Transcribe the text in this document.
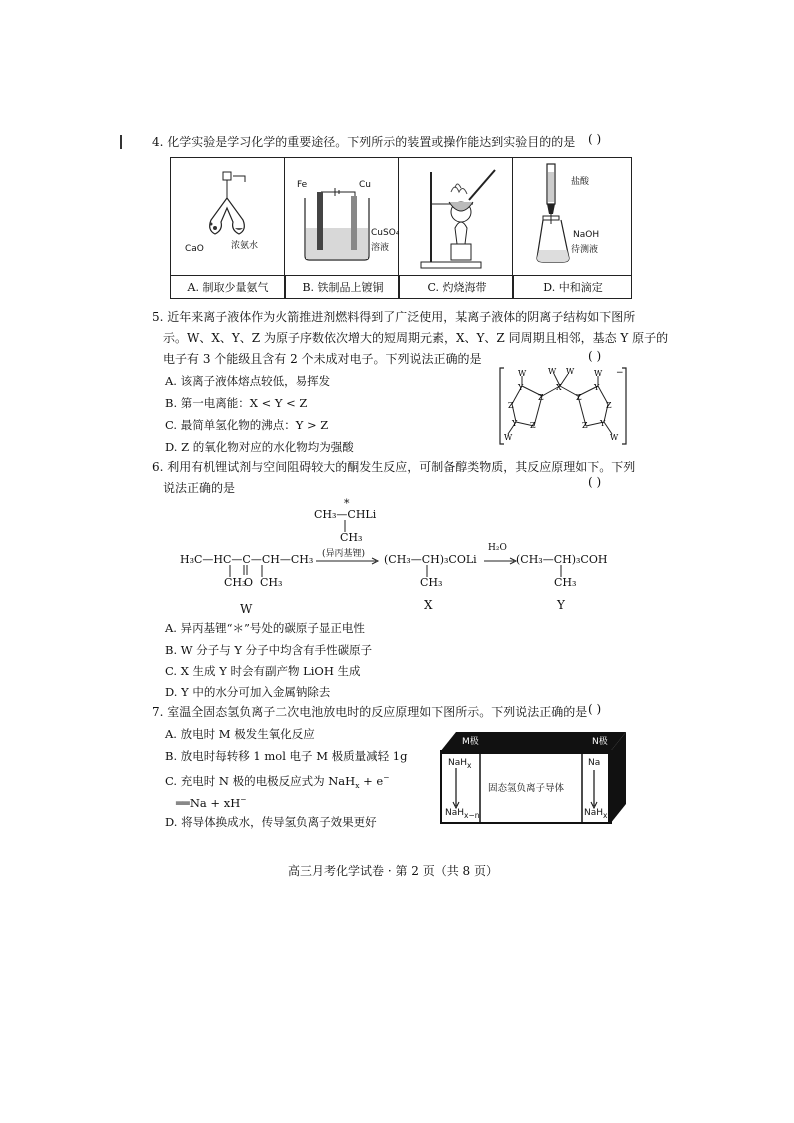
4. 化学实验是学习化学的重要途径。下列所示的装置或操作能达到实验目的的是 ( )
CaO	浓氨水
Fe	Cu
CuSO₄
溶液
盐酸
NaOH
待测液
A. 制取少量氨气	B. 铁制品上镀铜	C. 灼烧海带	D. 中和滴定
5. 近年来离子液体作为火箭推进剂燃料得到了广泛使用，某离子液体的阴离子结构如下图所
示。W、X、Y、Z 为原子序数依次增大的短周期元素，X、Y、Z 同周期且相邻，基态 Y 原子的
电子有 3 个能级且含有 2 个未成对电子。下列说法正确的是	( )
A. 该离子液体熔点较低，易挥发
B. 第一电离能：X < Y < Z
C. 最简单氢化物的沸点：Y > Z
D. Z 的氧化物对应的水化物均为强酸
−
W
Y
W
X
W W
Y
Z	Z
Z	Z
Y Z	Z Y
W	W
6. 利用有机锂试剂与空间阻碍较大的酮发生反应，可制备醇类物质，其反应原理如下。下列
说法正确的是	( )
*
CH₃—CHLi
CH₃
H₃C—HC—C—CH—CH₃
CH₃
O CH₃
(异丙基锂) (CH₃—CH)₃COLi
CH₃
H₂O
(CH₃—CH)₃COH
CH₃
W	X	Y
A. 异丙基锂“＊”号处的碳原子显正电性
B. W 分子与 Y 分子中均含有手性碳原子
C. X 生成 Y 时会有副产物 LiOH 生成
D. Y 中的水分可加入金属钠除去
7. 室温全固态氢负离子二次电池放电时的反应原理如下图所示。下列说法正确的是 ( )
A. 放电时 M 极发生氧化反应
B. 放电时每转移 1 mol 电子 M 极质量减轻 1g
C. 充电时 N 极的电极反应式为 NaH$_x$ + e−
══Na + xH−
D. 将导体换成水，传导氢负离子效果更好
M极	N极
固态氢负离子导体
NaH$_x$
NaH$_{x-n}$
Na
NaH$_x$
高三月考化学试卷 · 第 2 页（共 8 页）
